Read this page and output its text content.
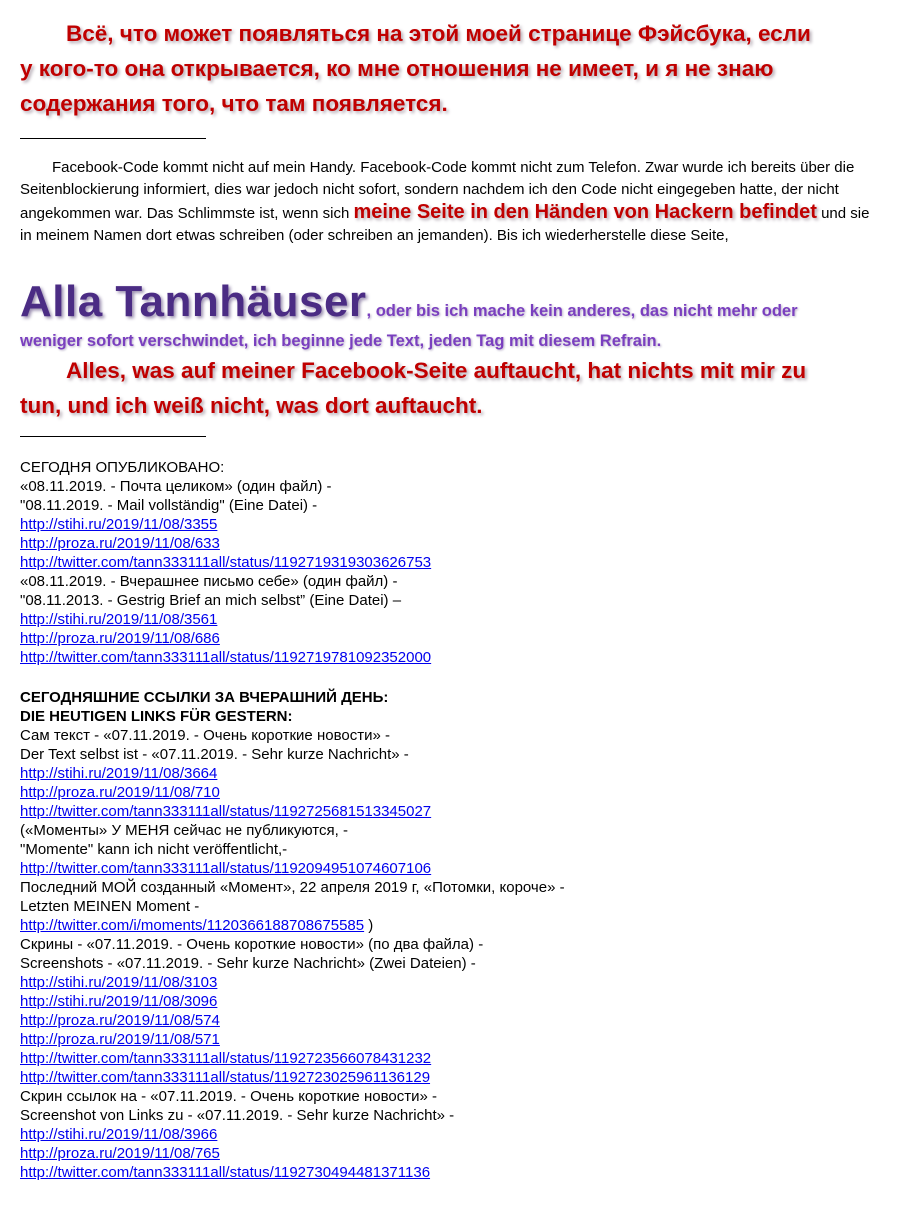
Всё, что может появляться на этой моей странице Фэйсбука, если
у кого-то она открывается, ко мне отношения не имеет, и я не знаю
содержания того, что там появляется.
Facebook-Code kommt nicht auf mein Handy. Facebook-Code kommt nicht zum Telefon. Zwar wurde ich bereits über die Seitenblockierung informiert, dies war jedoch nicht sofort, sondern nachdem ich den Code nicht eingegeben hatte, der nicht angekommen war. Das Schlimmste ist, wenn sich meine Seite in den Händen von Hackern befindet und sie in meinem Namen dort etwas schreiben (oder schreiben an jemanden). Bis ich wiederherstelle diese Seite,
Alla Tannhäuser, oder bis ich mache kein anderes, das nicht mehr oder
weniger sofort verschwindet, ich beginne jede Text, jeden Tag mit diesem Refrain.
Alles, was auf meiner Facebook-Seite auftaucht, hat nichts mit mir zu
tun, und ich weiß nicht, was dort auftaucht.
СЕГОДНЯ ОПУБЛИКОВАНО:
«08.11.2019. - Почта целиком» (один файл) -
"08.11.2019. - Mail vollständig" (Eine Datei) -
http://stihi.ru/2019/11/08/3355
http://proza.ru/2019/11/08/633
http://twitter.com/tann333111all/status/1192719319303626753
«08.11.2019. - Вчерашнее письмо себе» (один файл) -
"08.11.2013. - Gestrig Brief an mich selbst” (Eine Datei) –
http://stihi.ru/2019/11/08/3561
http://proza.ru/2019/11/08/686
http://twitter.com/tann333111all/status/1192719781092352000
СЕГОДНЯШНИЕ ССЫЛКИ ЗА ВЧЕРАШНИЙ ДЕНЬ:
DIE HEUTIGEN LINKS FÜR GESTERN:
Сам текст - «07.11.2019. - Очень короткие новости» -
Der Text selbst ist - «07.11.2019. - Sehr kurze Nachricht» -
http://stihi.ru/2019/11/08/3664
http://proza.ru/2019/11/08/710
http://twitter.com/tann333111all/status/1192725681513345027
(«Моменты» У МЕНЯ сейчас не публикуются, -
"Momente" kann ich nicht veröffentlicht,-
http://twitter.com/tann333111all/status/1192094951074607106
Последний МОЙ созданный «Момент», 22 апреля 2019 г, «Потомки, короче» -
Letzten MEINEN Moment -
http://twitter.com/i/moments/1120366188708675585 )
Скрины - «07.11.2019. - Очень короткие новости» (по два файла) -
Screenshots - «07.11.2019. - Sehr kurze Nachricht» (Zwei Dateien) -
http://stihi.ru/2019/11/08/3103
http://stihi.ru/2019/11/08/3096
http://proza.ru/2019/11/08/574
http://proza.ru/2019/11/08/571
http://twitter.com/tann333111all/status/1192723566078431232
http://twitter.com/tann333111all/status/1192723025961136129
Скрин ссылок на - «07.11.2019. - Очень короткие новости» -
Screenshot von Links zu - «07.11.2019. - Sehr kurze Nachricht» -
http://stihi.ru/2019/11/08/3966
http://proza.ru/2019/11/08/765
http://twitter.com/tann333111all/status/1192730494481371136
